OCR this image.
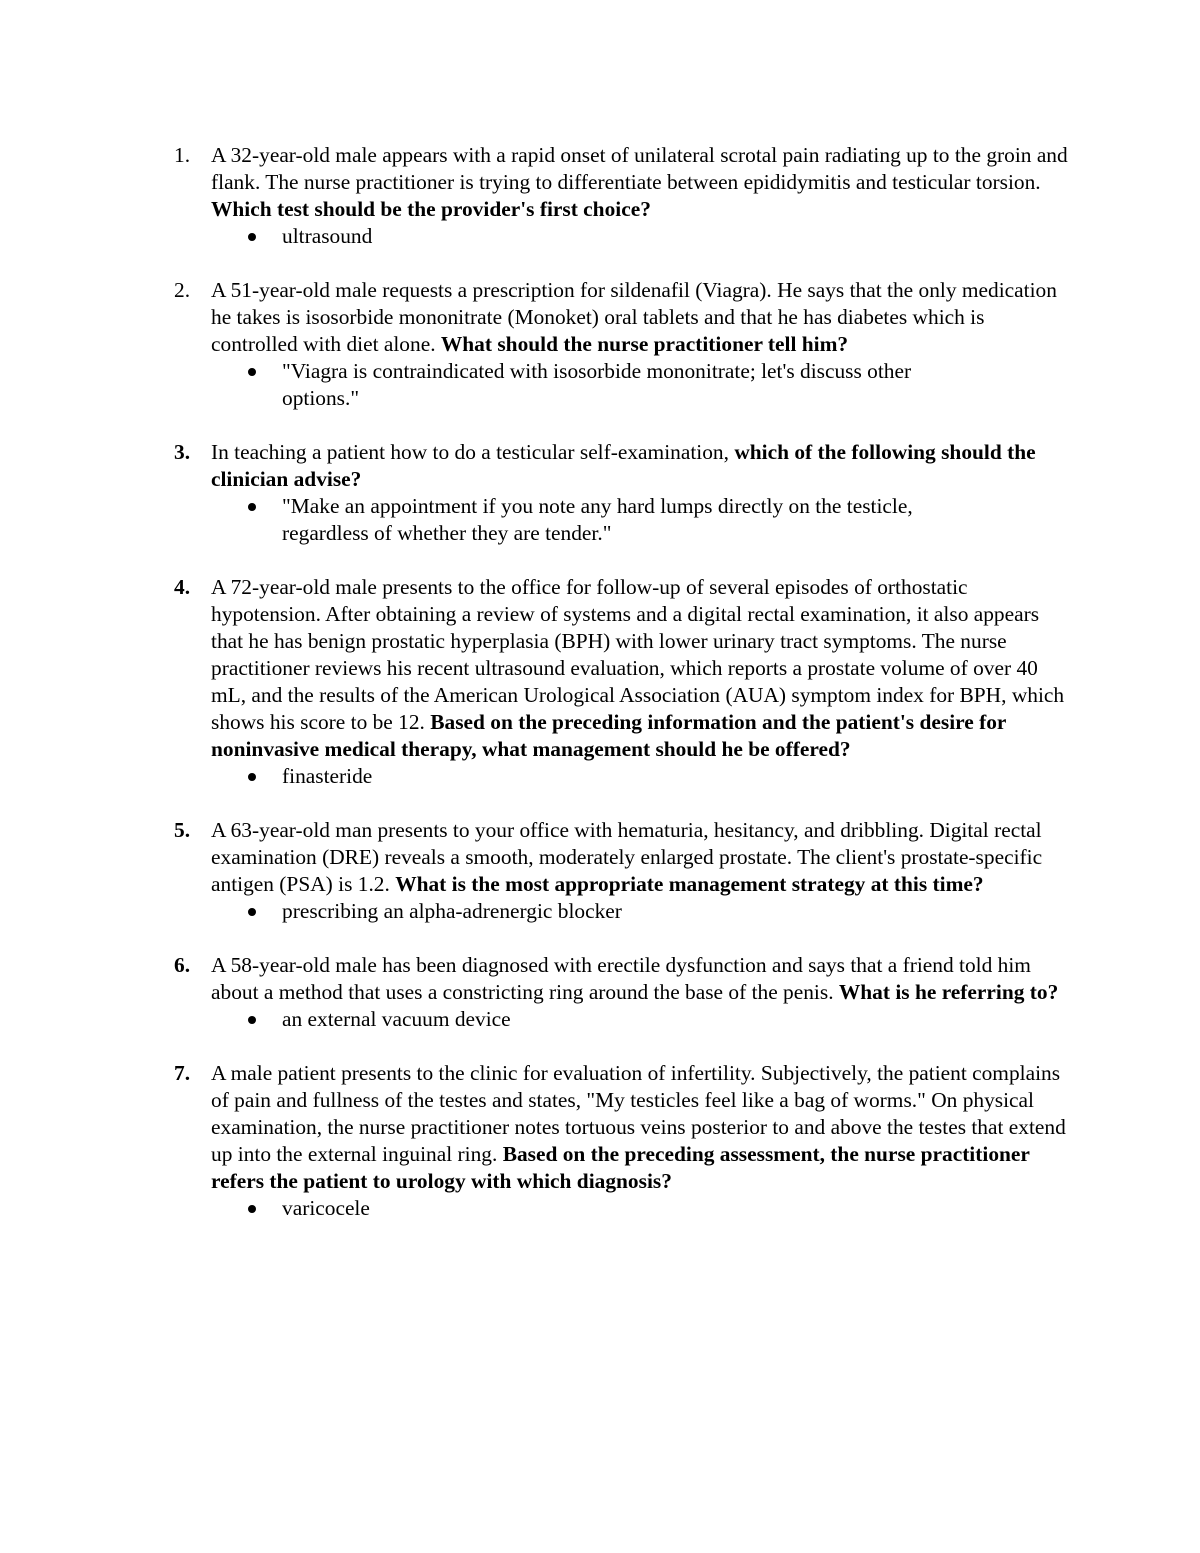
1. A 32-year-old male appears with a rapid onset of unilateral scrotal pain radiating up to the groin and flank. The nurse practitioner is trying to differentiate between epididymitis and testicular torsion. Which test should be the provider's first choice?
ultrasound
2. A 51-year-old male requests a prescription for sildenafil (Viagra). He says that the only medication he takes is isosorbide mononitrate (Monoket) oral tablets and that he has diabetes which is controlled with diet alone. What should the nurse practitioner tell him?
"Viagra is contraindicated with isosorbide mononitrate; let's discuss other options."
3. In teaching a patient how to do a testicular self-examination, which of the following should the clinician advise?
"Make an appointment if you note any hard lumps directly on the testicle, regardless of whether they are tender."
4. A 72-year-old male presents to the office for follow-up of several episodes of orthostatic hypotension. After obtaining a review of systems and a digital rectal examination, it also appears that he has benign prostatic hyperplasia (BPH) with lower urinary tract symptoms. The nurse practitioner reviews his recent ultrasound evaluation, which reports a prostate volume of over 40 mL, and the results of the American Urological Association (AUA) symptom index for BPH, which shows his score to be 12. Based on the preceding information and the patient's desire for noninvasive medical therapy, what management should he be offered?
finasteride
5. A 63-year-old man presents to your office with hematuria, hesitancy, and dribbling. Digital rectal examination (DRE) reveals a smooth, moderately enlarged prostate. The client's prostate-specific antigen (PSA) is 1.2. What is the most appropriate management strategy at this time?
prescribing an alpha-adrenergic blocker
6. A 58-year-old male has been diagnosed with erectile dysfunction and says that a friend told him about a method that uses a constricting ring around the base of the penis. What is he referring to?
an external vacuum device
7. A male patient presents to the clinic for evaluation of infertility. Subjectively, the patient complains of pain and fullness of the testes and states, "My testicles feel like a bag of worms." On physical examination, the nurse practitioner notes tortuous veins posterior to and above the testes that extend up into the external inguinal ring. Based on the preceding assessment, the nurse practitioner refers the patient to urology with which diagnosis?
varicocele
